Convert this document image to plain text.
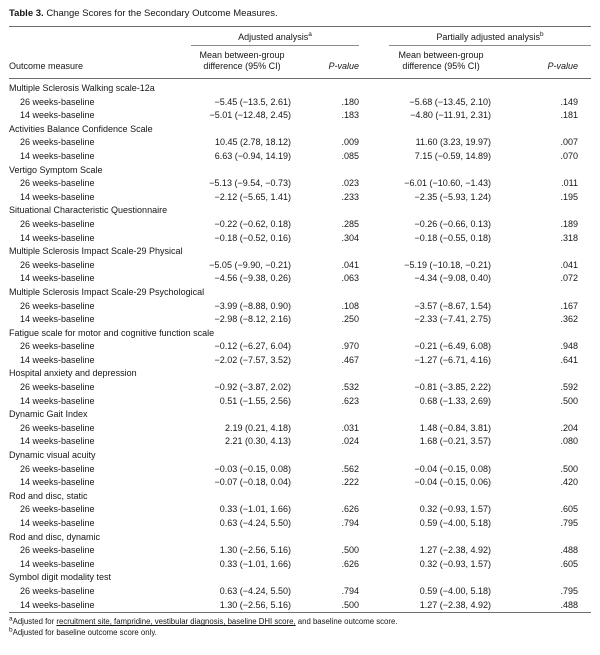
Table 3. Change Scores for the Secondary Outcome Measures.
	Adjusted analysis$^a$			Partially adjusted analysis$^b$
Outcome measure	Mean between-group difference (95% CI)	P-value		Mean between-group difference (95% CI)	P-value
Multiple Sclerosis Walking scale-12a					
26 weeks-baseline	−5.45 (−13.5, 2.61)	.180		−5.68 (−13.45, 2.10)	.149
14 weeks-baseline	−5.01 (−12.48, 2.45)	.183		−4.80 (−11.91, 2.31)	.181
Activities Balance Confidence Scale					
26 weeks-baseline	10.45 (2.78, 18.12)	.009		11.60 (3.23, 19.97)	.007
14 weeks-baseline	6.63 (−0.94, 14.19)	.085		7.15 (−0.59, 14.89)	.070
Vertigo Symptom Scale					
26 weeks-baseline	−5.13 (−9.54, −0.73)	.023		−6.01 (−10.60, −1.43)	.011
14 weeks-baseline	−2.12 (−5.65, 1.41)	.233		−2.35 (−5.93, 1.24)	.195
Situational Characteristic Questionnaire					
26 weeks-baseline	−0.22 (−0.62, 0.18)	.285		−0.26 (−0.66, 0.13)	.189
14 weeks-baseline	−0.18 (−0.52, 0.16)	.304		−0.18 (−0.55, 0.18)	.318
Multiple Sclerosis Impact Scale-29 Physical					
26 weeks-baseline	−5.05 (−9.90, −0.21)	.041		−5.19 (−10.18, −0.21)	.041
14 weeks-baseline	−4.56 (−9.38, 0.26)	.063		−4.34 (−9.08, 0.40)	.072
Multiple Sclerosis Impact Scale-29 Psychological					
26 weeks-baseline	−3.99 (−8.88, 0.90)	.108		−3.57 (−8.67, 1.54)	.167
14 weeks-baseline	−2.98 (−8.12, 2.16)	.250		−2.33 (−7.41, 2.75)	.362
Fatigue scale for motor and cognitive function scale					
26 weeks-baseline	−0.12 (−6.27, 6.04)	.970		−0.21 (−6.49, 6.08)	.948
14 weeks-baseline	−2.02 (−7.57, 3.52)	.467		−1.27 (−6.71, 4.16)	.641
Hospital anxiety and depression					
26 weeks-baseline	−0.92 (−3.87, 2.02)	.532		−0.81 (−3.85, 2.22)	.592
14 weeks-baseline	0.51 (−1.55, 2.56)	.623		0.68 (−1.33, 2.69)	.500
Dynamic Gait Index					
26 weeks-baseline	2.19 (0.21, 4.18)	.031		1.48 (−0.84, 3.81)	.204
14 weeks-baseline	2.21 (0.30, 4.13)	.024		1.68 (−0.21, 3.57)	.080
Dynamic visual acuity					
26 weeks-baseline	−0.03 (−0.15, 0.08)	.562		−0.04 (−0.15, 0.08)	.500
14 weeks-baseline	−0.07 (−0.18, 0.04)	.222		−0.04 (−0.15, 0.06)	.420
Rod and disc, static					
26 weeks-baseline	0.33 (−1.01, 1.66)	.626		0.32 (−0.93, 1.57)	.605
14 weeks-baseline	0.63 (−4.24, 5.50)	.794		0.59 (−4.00, 5.18)	.795
Rod and disc, dynamic					
26 weeks-baseline	1.30 (−2.56, 5.16)	.500		1.27 (−2.38, 4.92)	.488
14 weeks-baseline	0.33 (−1.01, 1.66)	.626		0.32 (−0.93, 1.57)	.605
Symbol digit modality test					
26 weeks-baseline	0.63 (−4.24, 5.50)	.794		0.59 (−4.00, 5.18)	.795
14 weeks-baseline	1.30 (−2.56, 5.16)	.500		1.27 (−2.38, 4.92)	.488
$^a$Adjusted for recruitment site, fampridine, vestibular diagnosis, baseline DHI score, and baseline outcome score.
$^b$Adjusted for baseline outcome score only.
